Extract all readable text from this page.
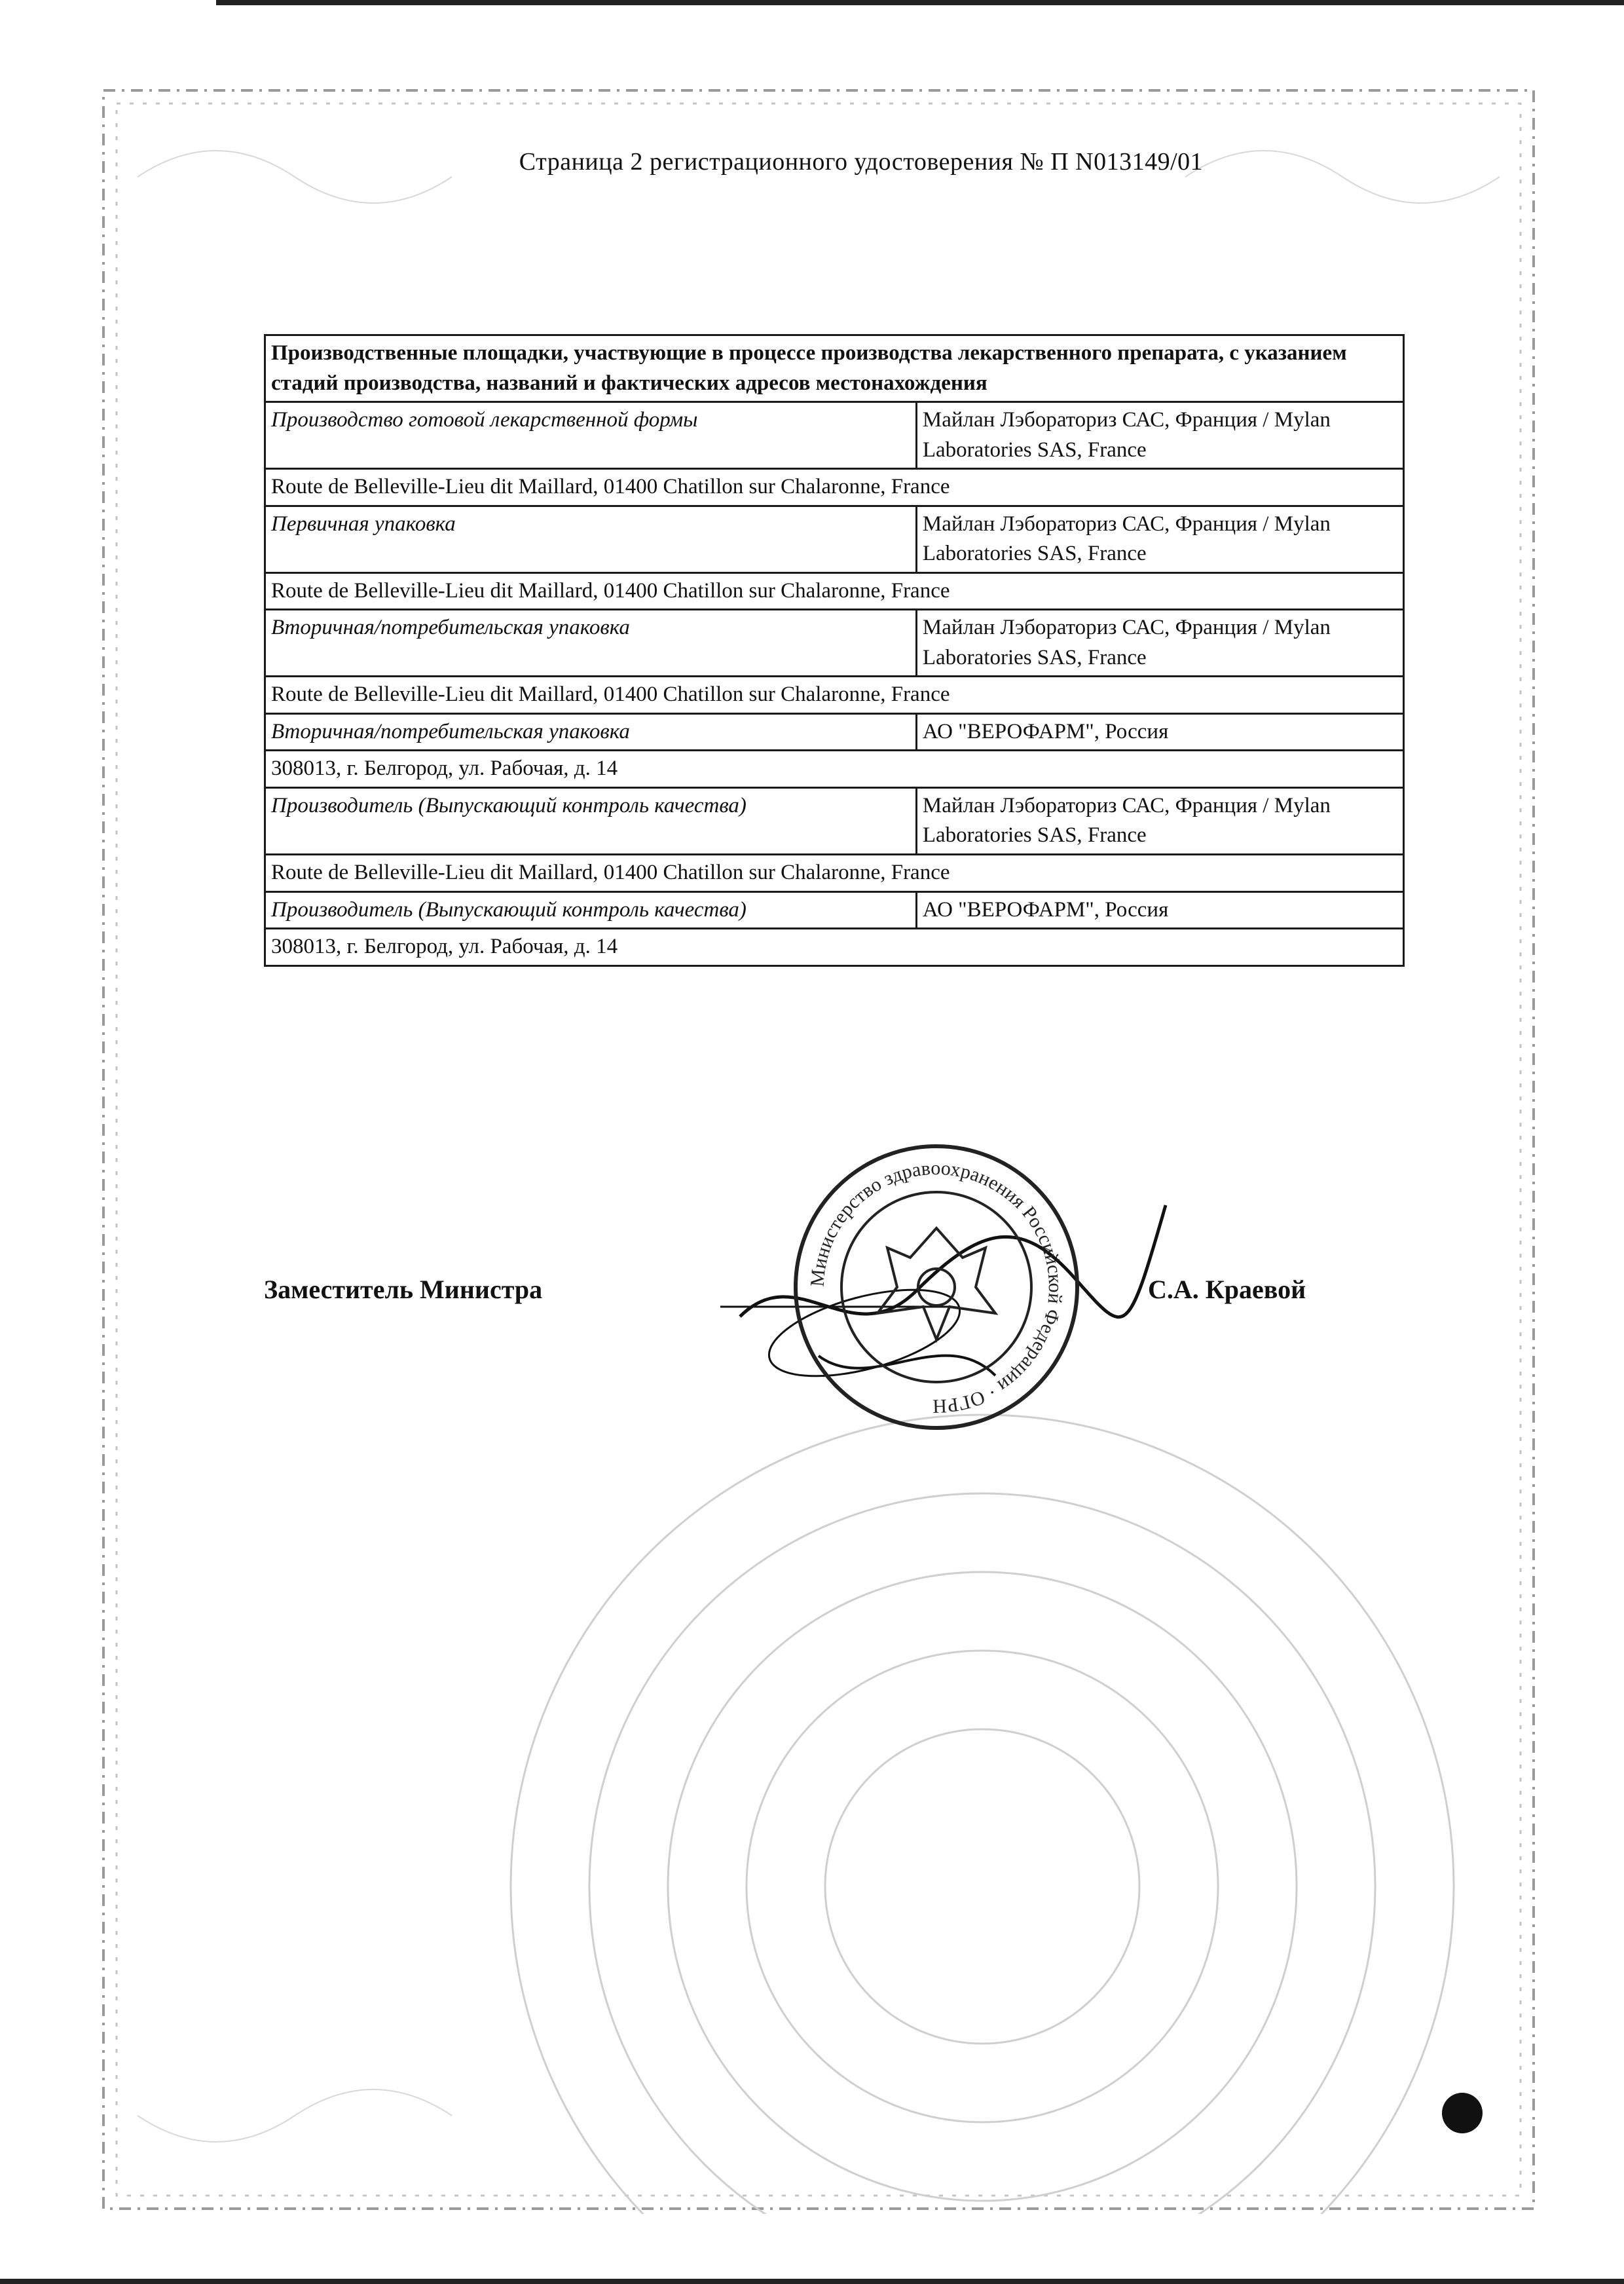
Страница 2 регистрационного удостоверения № П N013149/01
Производственные площадки, участвующие в процессе производства лекарственного препарата, с указанием стадий производства, названий и фактических адресов местонахождения	
Производство готовой лекарственной формы	Майлан Лэбораториз САС, Франция / Mylan Laboratories SAS, France
Route de Belleville-Lieu dit Maillard, 01400 Chatillon sur Chalaronne, France	
Первичная упаковка	Майлан Лэбораториз САС, Франция / Mylan Laboratories SAS, France
Route de Belleville-Lieu dit Maillard, 01400 Chatillon sur Chalaronne, France	
Вторичная/потребительская упаковка	Майлан Лэбораториз САС, Франция / Mylan Laboratories SAS, France
Route de Belleville-Lieu dit Maillard, 01400 Chatillon sur Chalaronne, France	
Вторичная/потребительская упаковка	АО "ВЕРОФАРМ", Россия
308013, г. Белгород, ул. Рабочая, д. 14	
Производитель (Выпускающий контроль качества)	Майлан Лэбораториз САС, Франция / Mylan Laboratories SAS, France
Route de Belleville-Lieu dit Maillard, 01400 Chatillon sur Chalaronne, France	
Производитель (Выпускающий контроль качества)	АО "ВЕРОФАРМ", Россия
308013, г. Белгород, ул. Рабочая, д. 14	
Министерство здравоохранения Российской Федерации · ОГРН
Заместитель Министра	С.А. Краевой
